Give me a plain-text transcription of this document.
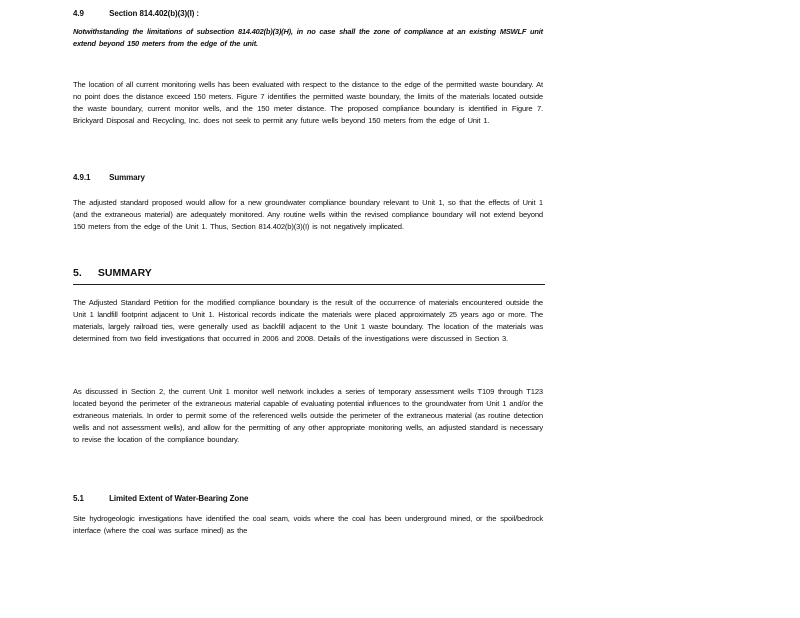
4.9	Section 814.402(b)(3)(I) :

Notwithstanding the limitations of subsection 814.402(b)(3)(H), in no case shall the zone of compliance at an existing MSWLF unit extend beyond 150 meters from the edge of the unit.

The location of all current monitoring wells has been evaluated with respect to the distance to the edge of the permitted waste boundary. At no point does the distance exceed 150 meters. Figure 7 identifies the permitted waste boundary, the limits of the materials located outside the waste boundary, current monitor wells, and the 150 meter distance. The proposed compliance boundary is identified in Figure 7. Brickyard Disposal and Recycling, Inc. does not seek to permit any future wells beyond 150 meters from the edge of Unit 1.

4.9.1 Summary

The adjusted standard proposed would allow for a new groundwater compliance boundary relevant to Unit 1, so that the effects of Unit 1 (and the extraneous material) are adequately monitored. Any routine wells within the revised compliance boundary will not extend beyond 150 meters from the edge of the Unit 1. Thus, Section 814.402(b)(3)(I) is not negatively implicated.

5. SUMMARY

The Adjusted Standard Petition for the modified compliance boundary is the result of the occurrence of materials encountered outside the Unit 1 landfill footprint adjacent to Unit 1. Historical records indicate the materials were placed approximately 25 years ago or more. The materials, largely railroad ties, were generally used as backfill adjacent to the Unit 1 waste boundary. The location of the materials was determined from two field investigations that occurred in 2006 and 2008. Details of the investigations were discussed in Section 3.

As discussed in Section 2, the current Unit 1 monitor well network includes a series of temporary assessment wells T109 through T123 located beyond the perimeter of the extraneous material capable of evaluating potential influences to the groundwater from Unit 1 and/or the extraneous materials. In order to permit some of the referenced wells outside the perimeter of the extraneous material (as routine detection wells and not assessment wells), and allow for the permitting of any other appropriate monitoring wells, an adjusted standard is necessary to revise the location of the compliance boundary.

5.1	Limited Extent of Water-Bearing Zone

Site hydrogeologic investigations have identified the coal seam, voids where the coal has been underground mined, or the spoil/bedrock interface (where the coal was surface mined) as the
